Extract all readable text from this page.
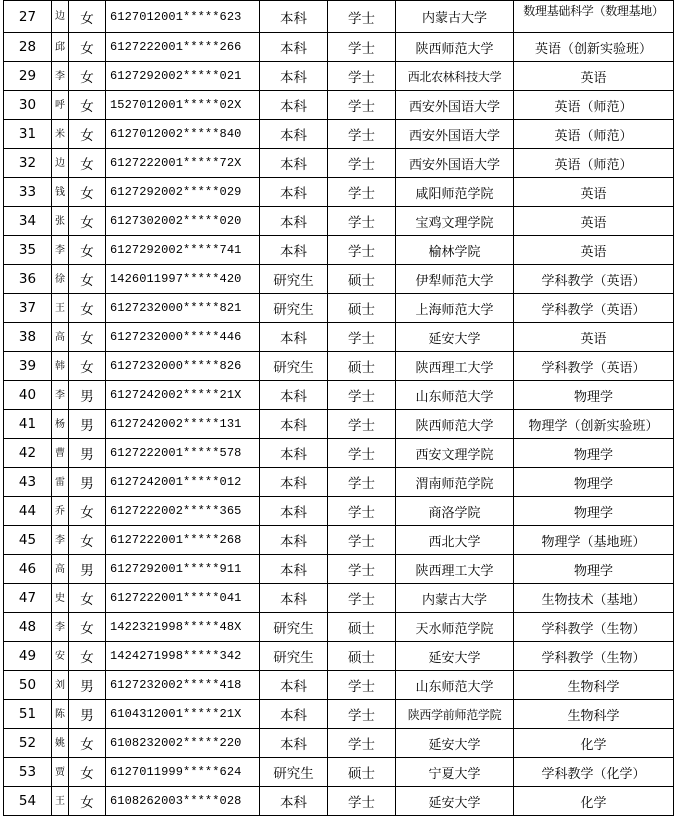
27	边	女	6127012001*****623	本科	学士	内蒙古大学	数理基础科学（数理基地）
28	邱	女	6127222001*****266	本科	学士	陕西师范大学	英语（创新实验班）
29	李	女	6127292002*****021	本科	学士	西北农林科技大学	英语
30	呼	女	1527012001*****02X	本科	学士	西安外国语大学	英语（师范）
31	米	女	6127012002*****840	本科	学士	西安外国语大学	英语（师范）
32	边	女	6127222001*****72X	本科	学士	西安外国语大学	英语（师范）
33	钱	女	6127292002*****029	本科	学士	咸阳师范学院	英语
34	张	女	6127302002*****020	本科	学士	宝鸡文理学院	英语
35	李	女	6127292002*****741	本科	学士	榆林学院	英语
36	徐	女	1426011997*****420	研究生	硕士	伊犁师范大学	学科教学（英语）
37	王	女	6127232000*****821	研究生	硕士	上海师范大学	学科教学（英语）
38	高	女	6127232000*****446	本科	学士	延安大学	英语
39	韩	女	6127232000*****826	研究生	硕士	陕西理工大学	学科教学（英语）
40	李	男	6127242002*****21X	本科	学士	山东师范大学	物理学
41	杨	男	6127242002*****131	本科	学士	陕西师范大学	物理学（创新实验班）
42	曹	男	6127222001*****578	本科	学士	西安文理学院	物理学
43	雷	男	6127242001*****012	本科	学士	渭南师范学院	物理学
44	乔	女	6127222002*****365	本科	学士	商洛学院	物理学
45	李	女	6127222001*****268	本科	学士	西北大学	物理学（基地班）
46	高	男	6127292001*****911	本科	学士	陕西理工大学	物理学
47	史	女	6127222001*****041	本科	学士	内蒙古大学	生物技术（基地）
48	李	女	1422321998*****48X	研究生	硕士	天水师范学院	学科教学（生物）
49	安	女	1424271998*****342	研究生	硕士	延安大学	学科教学（生物）
50	刘	男	6127232002*****418	本科	学士	山东师范大学	生物科学
51	陈	男	6104312001*****21X	本科	学士	陕西学前师范学院	生物科学
52	姚	女	6108232002*****220	本科	学士	延安大学	化学
53	贾	女	6127011999*****624	研究生	硕士	宁夏大学	学科教学（化学）
54	王	女	6108262003*****028	本科	学士	延安大学	化学
